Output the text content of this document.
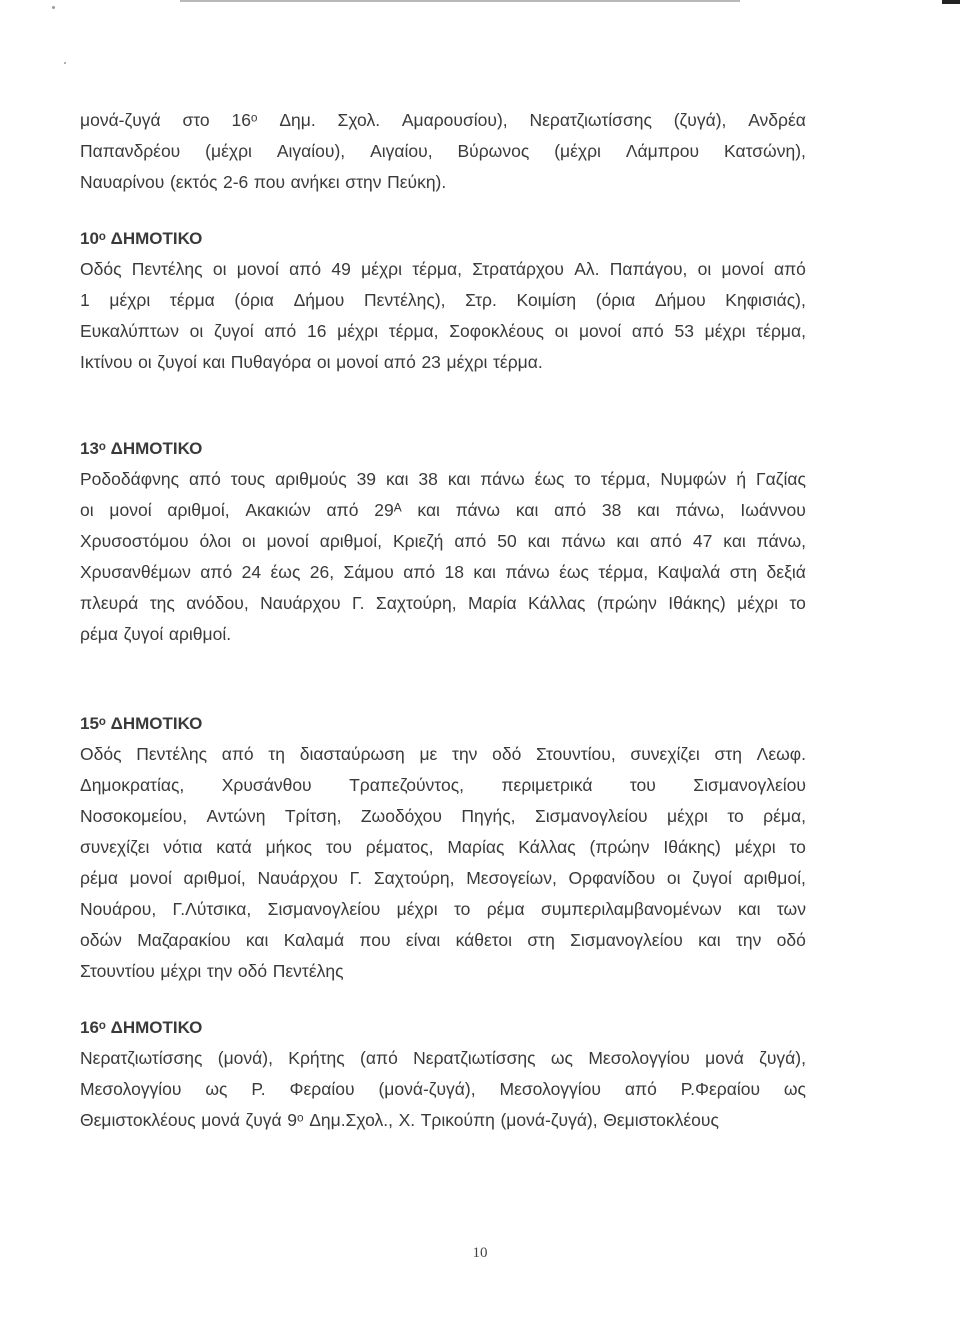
μονά-ζυγά στο 16ᵒ Δημ. Σχολ. Αμαρουσίου), Νερατζιωτίσσης (ζυγά), Ανδρέα
Παπανδρέου (μέχρι Αιγαίου), Αιγαίου, Βύρωνος (μέχρι Λάμπρου Κατσώνη),
Ναυαρίνου (εκτός 2-6 που ανήκει στην Πεύκη).
10ᵒ ΔΗΜΟΤΙΚΟ
Οδός Πεντέλης οι μονοί από 49 μέχρι τέρμα, Στρατάρχου Αλ. Παπάγου, οι μονοί από
1 μέχρι τέρμα (όρια Δήμου Πεντέλης), Στρ. Κοιμίση (όρια Δήμου Κηφισιάς),
Ευκαλύπτων οι ζυγοί από 16 μέχρι τέρμα, Σοφοκλέους οι μονοί από 53 μέχρι τέρμα,
Ικτίνου οι ζυγοί και Πυθαγόρα οι μονοί από 23 μέχρι τέρμα.
13ᵒ ΔΗΜΟΤΙΚΟ
Ροδοδάφνης από τους αριθμούς 39 και 38 και πάνω έως το τέρμα, Νυμφών ή Γαζίας
οι μονοί αριθμοί, Ακακιών από 29ᴬ και πάνω και από 38 και πάνω, Ιωάννου
Χρυσοστόμου όλοι οι μονοί αριθμοί, Κριεζή από 50 και πάνω και από 47 και πάνω,
Χρυσανθέμων από 24 έως 26, Σάμου από 18 και πάνω έως τέρμα, Καψαλά στη δεξιά
πλευρά της ανόδου, Ναυάρχου Γ. Σαχτούρη, Μαρία Κάλλας (πρώην Ιθάκης) μέχρι το
ρέμα ζυγοί αριθμοί.
15ᵒ ΔΗΜΟΤΙΚΟ
Οδός Πεντέλης από τη διασταύρωση με την οδό Στουντίου, συνεχίζει στη Λεωφ.
Δημοκρατίας, Χρυσάνθου Τραπεζούντος, περιμετρικά του Σισμανογλείου
Νοσοκομείου, Αντώνη Τρίτση, Ζωοδόχου Πηγής, Σισμανογλείου μέχρι το ρέμα,
συνεχίζει νότια κατά μήκος του ρέματος, Μαρίας Κάλλας (πρώην Ιθάκης) μέχρι το
ρέμα μονοί αριθμοί, Ναυάρχου Γ. Σαχτούρη, Μεσογείων, Ορφανίδου οι ζυγοί αριθμοί,
Νουάρου, Γ.Λύτσικα, Σισμανογλείου μέχρι το ρέμα συμπεριλαμβανομένων και των
οδών Μαζαρακίου και Καλαμά που είναι κάθετοι στη Σισμανογλείου και την οδό
Στουντίου μέχρι την οδό Πεντέλης
16ᵒ ΔΗΜΟΤΙΚΟ
Νερατζιωτίσσης (μονά), Κρήτης (από Νερατζιωτίσσης ως Μεσολογγίου μονά ζυγά),
Μεσολογγίου ως Ρ. Φεραίου (μονά-ζυγά), Μεσολογγίου από Ρ.Φεραίου ως
Θεμιστοκλέους μονά ζυγά 9ᵒ Δημ.Σχολ., Χ. Τρικούπη (μονά-ζυγά), Θεμιστοκλέους
10
